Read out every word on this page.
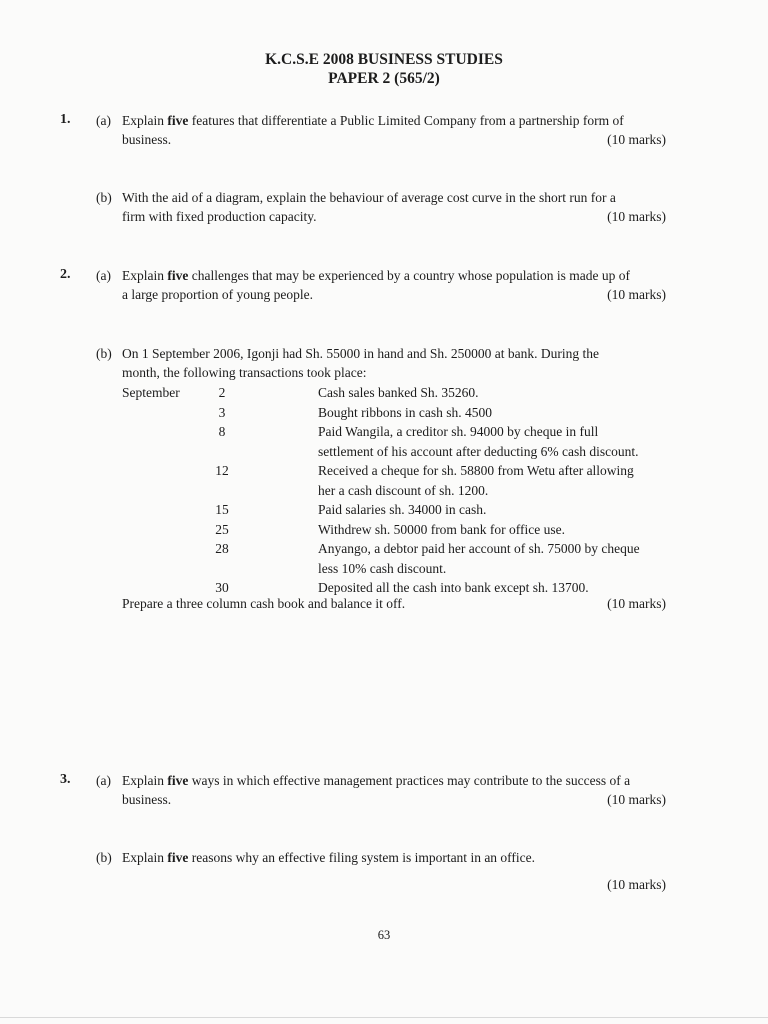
K.C.S.E 2008 BUSINESS STUDIES
PAPER 2 (565/2)
1. (a) Explain five features that differentiate a Public Limited Company from a partnership form of
business.	(10 marks)
(b) With the aid of a diagram, explain the behaviour of average cost curve in the short run for a
firm with fixed production capacity.	(10 marks)
2. (a) Explain five challenges that may be experienced by a country whose population is made up of
a large proportion of young people.	(10 marks)
(b) On 1 September 2006, Igonji had Sh. 55000 in hand and Sh. 250000 at bank. During the
month, the following transactions took place:
September	2	Cash sales banked Sh. 35260.
3	Bought ribbons in cash sh. 4500
8	Paid Wangila, a creditor sh. 94000 by cheque in full
settlement of his account after deducting 6% cash discount.
12	Received a cheque for sh. 58800 from Wetu after allowing
her a cash discount of sh. 1200.
15	Paid salaries sh. 34000 in cash.
25	Withdrew sh. 50000 from bank for office use.
28	Anyango, a debtor paid her account of sh. 75000 by cheque
less 10% cash discount.
30	Deposited all the cash into bank except sh. 13700.
Prepare a three column cash book and balance it off.	(10 marks)
3. (a) Explain five ways in which effective management practices may contribute to the success of a
business.	(10 marks)
(b) Explain five reasons why an effective filing system is important in an office.
(10 marks)
63
